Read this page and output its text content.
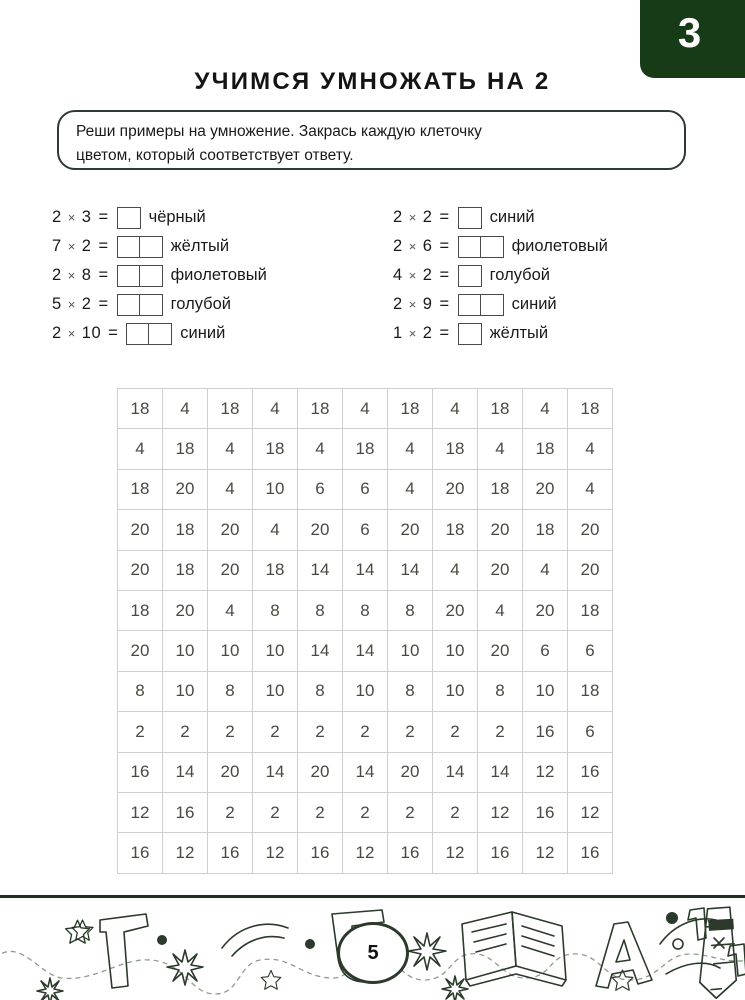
3
УЧИМСЯ УМНОЖАТЬ НА 2

Реши примеры на умножение. Закрась каждую клеточку

цветом, который соответствует ответу.

2 × 3 =	чёрный
7 × 2 =	жёлтый
2 × 8 =	фиолетовый
5 × 2 =	голубой
2 × 10 =	синий
2 × 2 =	синий
2 × 6 =	фиолетовый
4 × 2 =	голубой
2 × 9 =	синий
1 × 2 =	жёлтый
18	4	18	4	18	4	18	4	18	4	18
4	18	4	18	4	18	4	18	4	18	4
18	20	4	10	6	6	4	20	18	20	4
20	18	20	4	20	6	20	18	20	18	20
20	18	20	18	14	14	14	4	20	4	20
18	20	4	8	8	8	8	20	4	20	18
20	10	10	10	14	14	10	10	20	6	6
8	10	8	10	8	10	8	10	8	10	18
2	2	2	2	2	2	2	2	2	16	6
16	14	20	14	20	14	20	14	14	12	16
12	16	2	2	2	2	2	2	12	16	12
16	12	16	12	16	12	16	12	16	12	16
5
